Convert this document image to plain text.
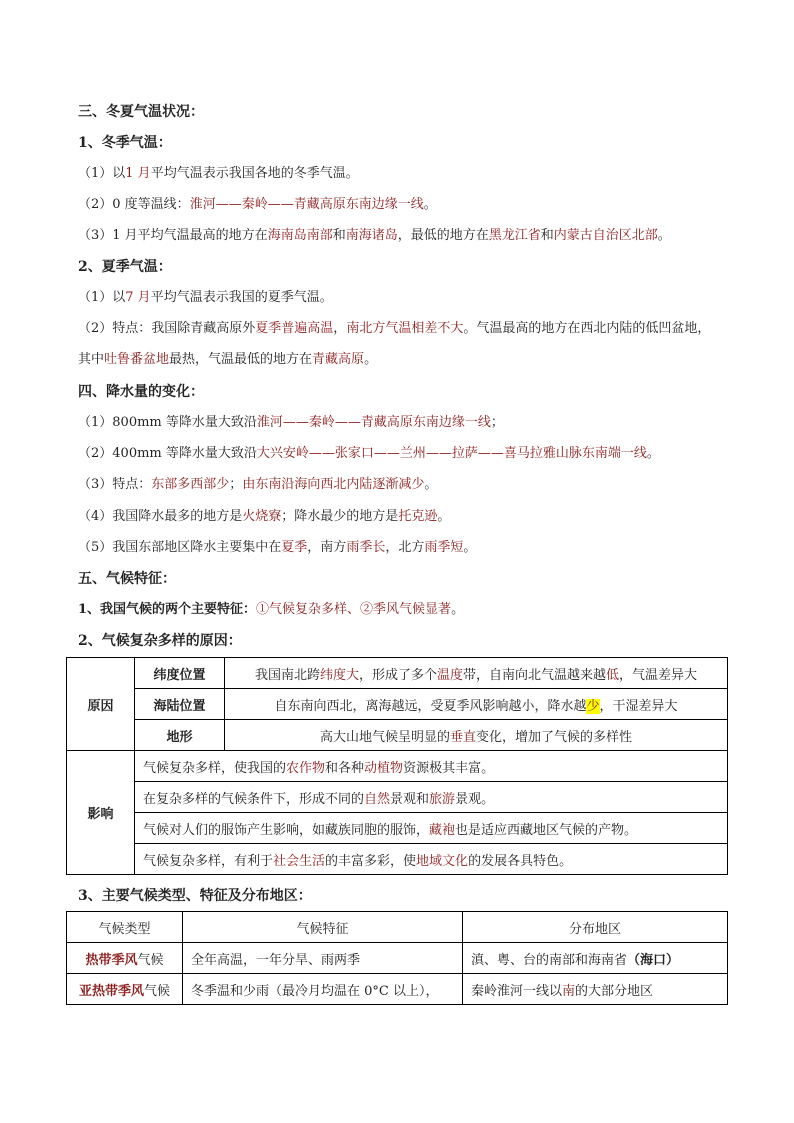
三、冬夏气温状况：
1、冬季气温：
（1）以1 月平均气温表示我国各地的冬季气温。
（2）0 度等温线：淮河——秦岭——青藏高原东南边缘一线。
（3）1 月平均气温最高的地方在海南岛南部和南海诸岛，最低的地方在黑龙江省和内蒙古自治区北部。
2、夏季气温：
（1）以7 月平均气温表示我国的夏季气温。
（2）特点：我国除青藏高原外夏季普遍高温，南北方气温相差不大。气温最高的地方在西北内陆的低凹盆地，其中吐鲁番盆地最热，气温最低的地方在青藏高原。
四、降水量的变化：
（1）800mm 等降水量大致沿淮河——秦岭——青藏高原东南边缘一线；
（2）400mm 等降水量大致沿大兴安岭——张家口——兰州——拉萨——喜马拉雅山脉东南端一线。
（3）特点：东部多西部少；由东南沿海向西北内陆逐渐减少。
（4）我国降水最多的地方是火烧寮；降水最少的地方是托克逊。
（5）我国东部地区降水主要集中在夏季，南方雨季长，北方雨季短。
五、气候特征：
1、我国气候的两个主要特征：①气候复杂多样、②季风气候显著。
2、气候复杂多样的原因：
原因	纬度位置	我国南北跨纬度大，形成了多个温度带，自南向北气温越来越低，气温差异大
	海陆位置	自东南向西北，离海越远，受夏季风影响越小，降水越少，干湿差异大
	地形	高大山地气候呈明显的垂直变化，增加了气候的多样性
影响	气候复杂多样，使我国的农作物和各种动植物资源极其丰富。	
	在复杂多样的气候条件下，形成不同的自然景观和旅游景观。	
	气候对人们的服饰产生影响，如藏族同胞的服饰，藏袍也是适应西藏地区气候的产物。	
	气候复杂多样，有利于社会生活的丰富多彩，使地域文化的发展各具特色。	
3、主要气候类型、特征及分布地区：
气候类型	气候特征	分布地区
热带季风气候	全年高温，一年分旱、雨两季	滇、粤、台的南部和海南省（海口）
亚热带季风气候	冬季温和少雨（最冷月均温在 0°C 以上），	秦岭淮河一线以南的大部分地区
